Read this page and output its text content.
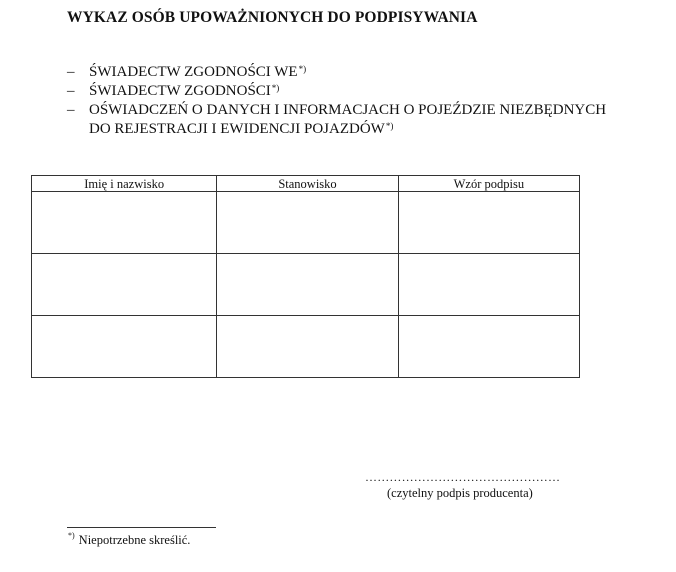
WYKAZ OSÓB UPOWAŻNIONYCH DO PODPISYWANIA
– ŚWIADECTW ZGODNOŚCI WE*)
– ŚWIADECTW ZGODNOŚCI*)
– OŚWIADCZEŃ O DANYCH I INFORMACJACH O POJEŹDZIE NIEZBĘDNYCH
DO REJESTRACJI I EWIDENCJI POJAZDÓW*)
Imię i nazwisko	Stanowisko	Wzór podpisu

…………………………………………
(czytelny podpis producenta)
*) Niepotrzebne skreślić.
